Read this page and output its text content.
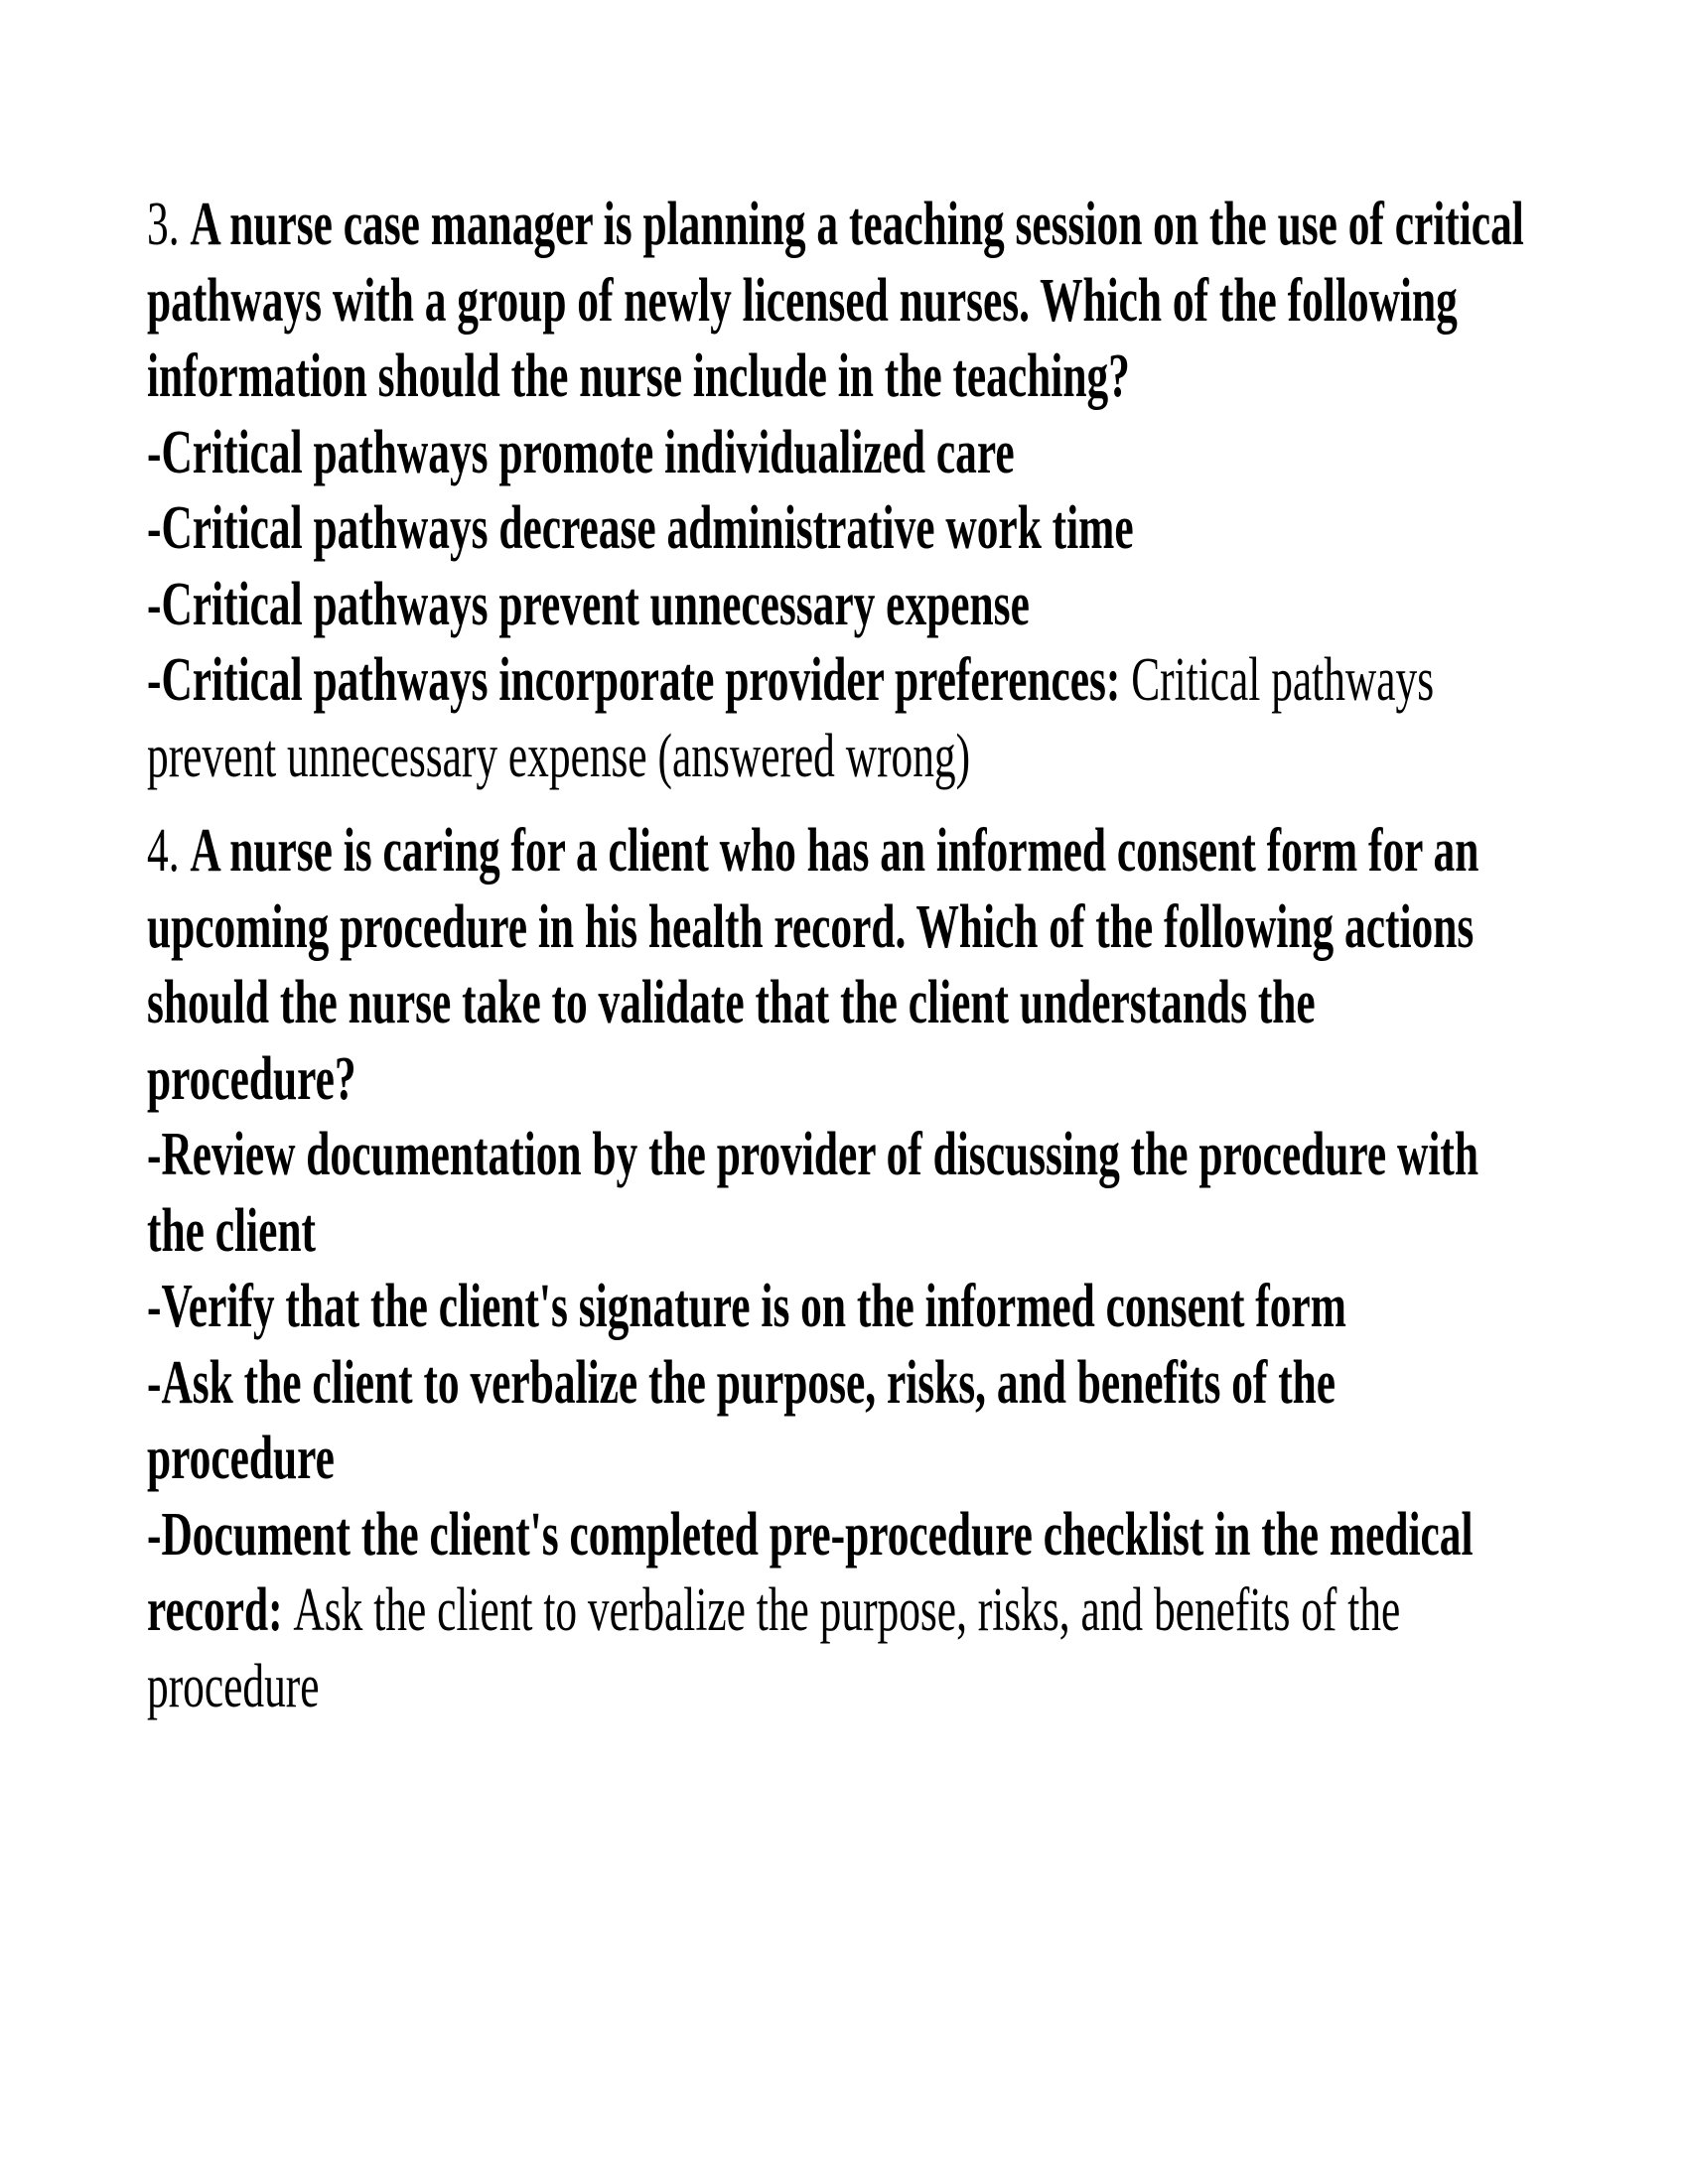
3. A nurse case manager is planning a teaching session on the use of critical
pathways with a group of newly licensed nurses. Which of the following
information should the nurse include in the teaching?
-Critical pathways promote individualized care
-Critical pathways decrease administrative work time
-Critical pathways prevent unnecessary expense
-Critical pathways incorporate provider preferences: Critical pathways
prevent unnecessary expense (answered wrong)
4. A nurse is caring for a client who has an informed consent form for an
upcoming procedure in his health record. Which of the following actions
should the nurse take to validate that the client understands the
procedure?
-Review documentation by the provider of discussing the procedure with
the client
-Verify that the client's signature is on the informed consent form
-Ask the client to verbalize the purpose, risks, and benefits of the
procedure
-Document the client's completed pre-procedure checklist in the medical
record: Ask the client to verbalize the purpose, risks, and benefits of the
procedure
